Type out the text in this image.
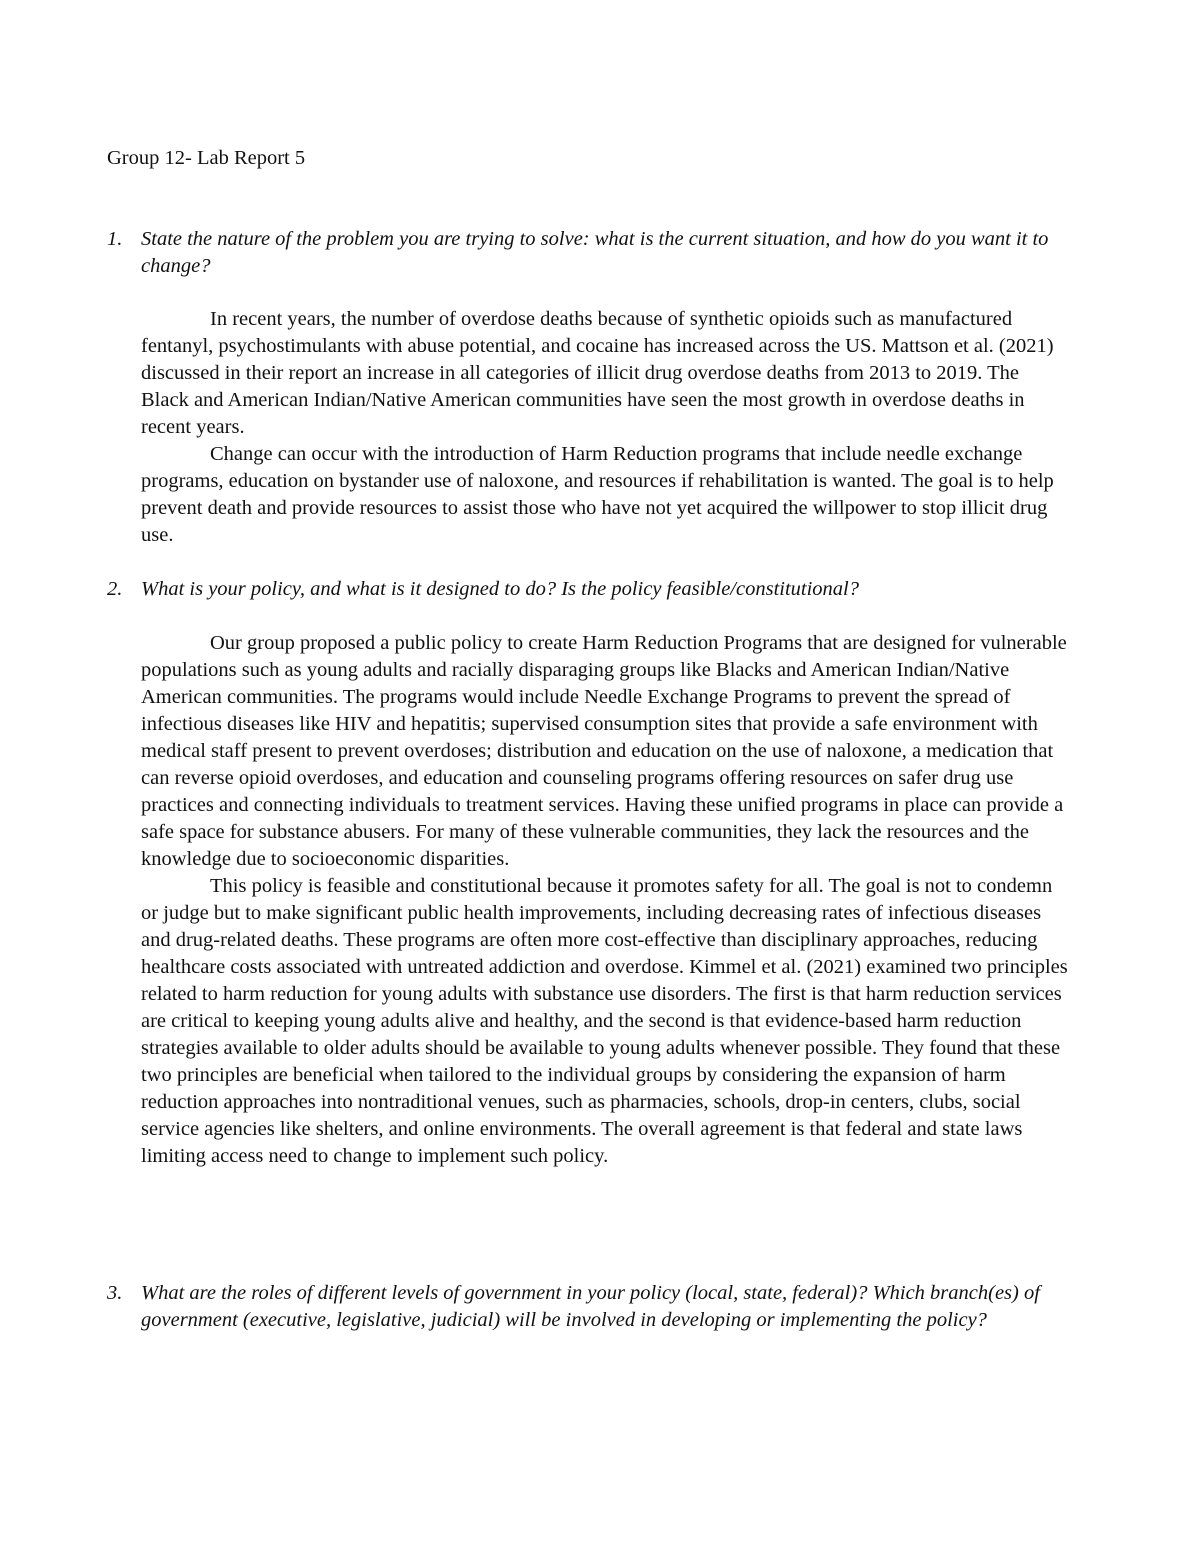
Group 12- Lab Report 5
1. State the nature of the problem you are trying to solve: what is the current situation, and how do you want it to change?

In recent years, the number of overdose deaths because of synthetic opioids such as manufactured fentanyl, psychostimulants with abuse potential, and cocaine has increased across the US. Mattson et al. (2021) discussed in their report an increase in all categories of illicit drug overdose deaths from 2013 to 2019. The Black and American Indian/Native American communities have seen the most growth in overdose deaths in recent years.

Change can occur with the introduction of Harm Reduction programs that include needle exchange programs, education on bystander use of naloxone, and resources if rehabilitation is wanted. The goal is to help prevent death and provide resources to assist those who have not yet acquired the willpower to stop illicit drug use.

2. What is your policy, and what is it designed to do? Is the policy feasible/constitutional?

Our group proposed a public policy to create Harm Reduction Programs that are designed for vulnerable populations such as young adults and racially disparaging groups like Blacks and American Indian/Native American communities. The programs would include Needle Exchange Programs to prevent the spread of infectious diseases like HIV and hepatitis; supervised consumption sites that provide a safe environment with medical staff present to prevent overdoses; distribution and education on the use of naloxone, a medication that can reverse opioid overdoses, and education and counseling programs offering resources on safer drug use practices and connecting individuals to treatment services. Having these unified programs in place can provide a safe space for substance abusers. For many of these vulnerable communities, they lack the resources and the knowledge due to socioeconomic disparities.

This policy is feasible and constitutional because it promotes safety for all. The goal is not to condemn or judge but to make significant public health improvements, including decreasing rates of infectious diseases and drug-related deaths. These programs are often more cost-effective than disciplinary approaches, reducing healthcare costs associated with untreated addiction and overdose. Kimmel et al. (2021) examined two principles related to harm reduction for young adults with substance use disorders. The first is that harm reduction services are critical to keeping young adults alive and healthy, and the second is that evidence-based harm reduction strategies available to older adults should be available to young adults whenever possible. They found that these two principles are beneficial when tailored to the individual groups by considering the expansion of harm reduction approaches into nontraditional venues, such as pharmacies, schools, drop-in centers, clubs, social service agencies like shelters, and online environments. The overall agreement is that federal and state laws limiting access need to change to implement such policy.

3. What are the roles of different levels of government in your policy (local, state, federal)? Which branch(es) of government (executive, legislative, judicial) will be involved in developing or implementing the policy?
